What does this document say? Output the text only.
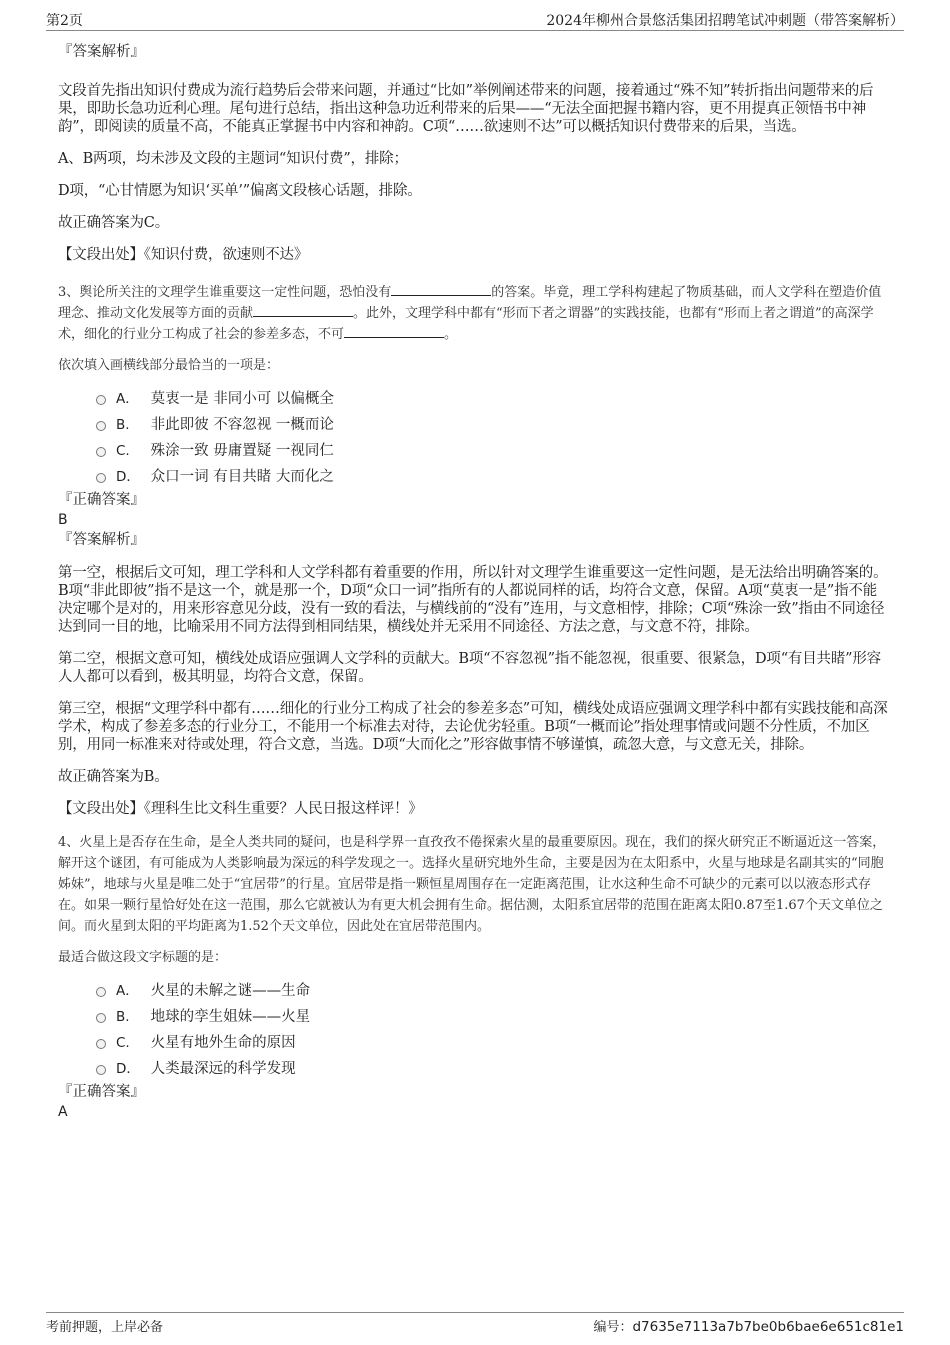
第2页	2024年柳州合景悠活集团招聘笔试冲刺题（带答案解析）

『答案解析』

文段首先指出知识付费成为流行趋势后会带来问题，并通过“比如”举例阐述带来的问题，接着通过“殊不知”转折指出问题带来的后果，即助长急功近利心理。尾句进行总结，指出这种急功近利带来的后果——“无法全面把握书籍内容，更不用提真正领悟书中神韵”，即阅读的质量不高，不能真正掌握书中内容和神韵。C项“……欲速则不达”可以概括知识付费带来的后果，当选。

A、B两项，均未涉及文段的主题词“知识付费”，排除；

D项，“心甘情愿为知识‘买单’”偏离文段核心话题，排除。

故正确答案为C。

【文段出处】《知识付费，欲速则不达》

3、舆论所关注的文理学生谁重要这一定性问题，恐怕没有	的答案。毕竟，理工学科构建起了物质基础，而人文学科在塑造价值理念、推动文化发展等方面的贡献	。此外，文理学科中都有“形而下者之谓器”的实践技能，也都有“形而上者之谓道”的高深学术，细化的行业分工构成了社会的参差多态，不可	。

依次填入画横线部分最恰当的一项是：

A． 莫衷一是 非同小可 以偏概全
B. 非此即彼 不容忽视 一概而论
C. 殊涂一致 毋庸置疑 一视同仁
D． 众口一词 有目共睹 大而化之

『正确答案』

B

『答案解析』

第一空，根据后文可知，理工学科和人文学科都有着重要的作用，所以针对文理学生谁重要这一定性问题，是无法给出明确答案的。B项“非此即彼”指不是这一个，就是那一个，D项“众口一词”指所有的人都说同样的话，均符合文意，保留。A项“莫衷一是”指不能决定哪个是对的，用来形容意见分歧，没有一致的看法，与横线前的“没有”连用，与文意相悖，排除；C项“殊涂一致”指由不同途径达到同一目的地，比喻采用不同方法得到相同结果，横线处并无采用不同途径、方法之意，与文意不符，排除。

第二空，根据文意可知，横线处成语应强调人文学科的贡献大。B项“不容忽视”指不能忽视，很重要、很紧急，D项“有目共睹”形容人人都可以看到，极其明显，均符合文意，保留。

第三空，根据“文理学科中都有……细化的行业分工构成了社会的参差多态”可知，横线处成语应强调文理学科中都有实践技能和高深学术，构成了参差多态的行业分工，不能用一个标准去对待，去论优劣轻重。B项“一概而论”指处理事情或问题不分性质，不加区别，用同一标准来对待或处理，符合文意，当选。D项“大而化之”形容做事情不够谨慎，疏忽大意，与文意无关，排除。

故正确答案为B。

【文段出处】《理科生比文科生重要？人民日报这样评！》

4、火星上是否存在生命，是全人类共同的疑问，也是科学界一直孜孜不倦探索火星的最重要原因。现在，我们的探火研究正不断逼近这一答案，解开这个谜团，有可能成为人类影响最为深远的科学发现之一。选择火星研究地外生命，主要是因为在太阳系中，火星与地球是名副其实的“同胞姊妹”，地球与火星是唯二处于“宜居带”的行星。宜居带是指一颗恒星周围存在一定距离范围，让水这种生命不可缺少的元素可以以液态形式存在。如果一颗行星恰好处在这一范围，那么它就被认为有更大机会拥有生命。据估测，太阳系宜居带的范围在距离太阳0.87至1.67个天文单位之间。而火星到太阳的平均距离为1.52个天文单位，因此处在宜居带范围内。

最适合做这段文字标题的是：

A． 火星的未解之谜——生命
B. 地球的孪生姐妹——火星
C. 火星有地外生命的原因
D． 人类最深远的科学发现

『正确答案』

A

考前押题，上岸必备	编号：d7635e7113a7b7be0b6bae6e651c81e1
